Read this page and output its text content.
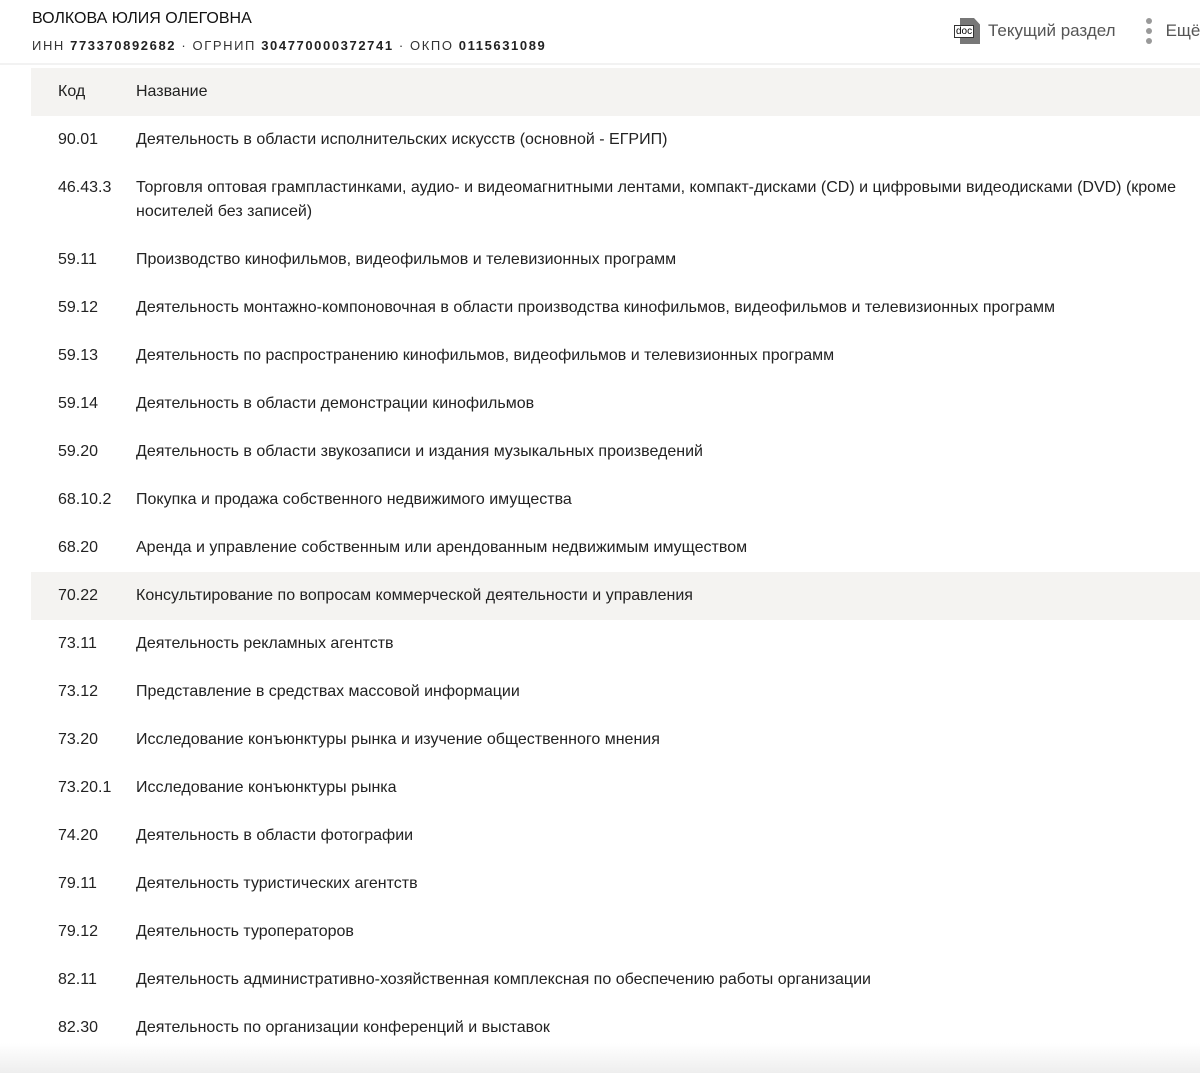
ВОЛКОВА ЮЛИЯ ОЛЕГОВНА
ИНН 773370892682 · ОГРНИП 304770000372741 · ОКПО 0115631089
doc Текущий раздел	Ещё
Код	Название
90.01	Деятельность в области исполнительских искусств (основной - ЕГРИП)
46.43.3	Торговля оптовая грампластинками, аудио- и видеомагнитными лентами, компакт-дисками (CD) и цифровыми видеодисками (DVD) (кроме носителей без записей)
59.11	Производство кинофильмов, видеофильмов и телевизионных программ
59.12	Деятельность монтажно-компоновочная в области производства кинофильмов, видеофильмов и телевизионных программ
59.13	Деятельность по распространению кинофильмов, видеофильмов и телевизионных программ
59.14	Деятельность в области демонстрации кинофильмов
59.20	Деятельность в области звукозаписи и издания музыкальных произведений
68.10.2	Покупка и продажа собственного недвижимого имущества
68.20	Аренда и управление собственным или арендованным недвижимым имуществом
70.22	Консультирование по вопросам коммерческой деятельности и управления
73.11	Деятельность рекламных агентств
73.12	Представление в средствах массовой информации
73.20	Исследование конъюнктуры рынка и изучение общественного мнения
73.20.1	Исследование конъюнктуры рынка
74.20	Деятельность в области фотографии
79.11	Деятельность туристических агентств
79.12	Деятельность туроператоров
82.11	Деятельность административно-хозяйственная комплексная по обеспечению работы организации
82.30	Деятельность по организации конференций и выставок
